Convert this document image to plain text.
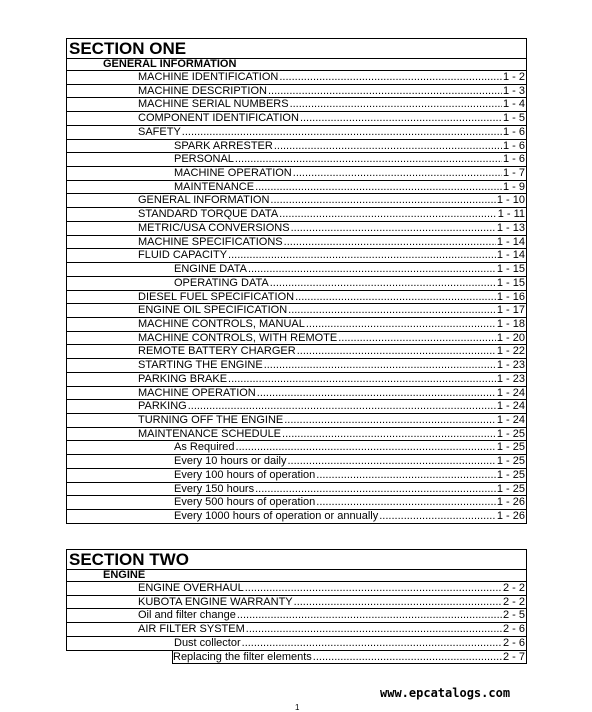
SECTION ONE
GENERAL INFORMATION
MACHINE IDENTIFICATION .....	1 - 2
MACHINE DESCRIPTION .....	1 - 3
MACHINE SERIAL NUMBERS .....	1 - 4
COMPONENT IDENTIFICATION .....	1 - 5
SAFETY .....	1 - 6
SPARK ARRESTER .....	1 - 6
PERSONAL .....	1 - 6
MACHINE OPERATION .....	1 - 7
MAINTENANCE .....	1 - 9
GENERAL INFORMATION .....	1 - 10
STANDARD TORQUE DATA .....	1 - 11
METRIC/USA CONVERSIONS .....	1 - 13
MACHINE SPECIFICATIONS .....	1 - 14
FLUID CAPACITY .....	1 - 14
ENGINE DATA .....	1 - 15
OPERATING DATA .....	1 - 15
DIESEL FUEL SPECIFICATION .....	1 - 16
ENGINE OIL SPECIFICATION .....	1 - 17
MACHINE CONTROLS, MANUAL .....	1 - 18
MACHINE CONTROLS, WITH REMOTE .....	1 - 20
REMOTE BATTERY CHARGER .....	1 - 22
STARTING THE ENGINE .....	1 - 23
PARKING BRAKE .....	1 - 23
MACHINE OPERATION .....	1 - 24
PARKING .....	1 - 24
TURNING OFF THE ENGINE .....	1 - 24
MAINTENANCE SCHEDULE .....	1 - 25
As Required .....	1 - 25
Every 10 hours or daily .....	1 - 25
Every 100 hours of operation .....	1 - 25
Every 150 hours .....	1 - 25
Every 500 hours of operation .....	1 - 26
Every 1000 hours of operation or annually .....	1 - 26
SECTION TWO
ENGINE
ENGINE OVERHAUL .....	2 - 2
KUBOTA ENGINE WARRANTY .....	2 - 2
Oil and filter change .....	2 - 5
AIR FILTER SYSTEM .....	2 - 6
Dust collector .....	2 - 6
Replacing the filter elements .....	2 - 7
www.epcatalogs.com
1
